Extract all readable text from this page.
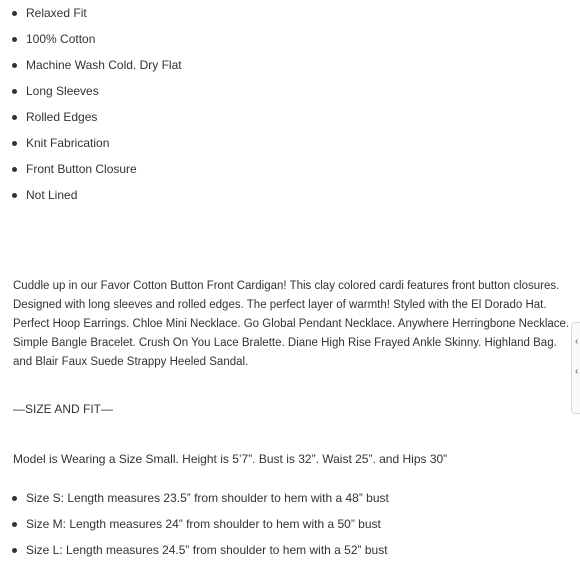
Relaxed Fit
100% Cotton
Machine Wash Cold. Dry Flat
Long Sleeves
Rolled Edges
Knit Fabrication
Front Button Closure
Not Lined

Cuddle up in our Favor Cotton Button Front Cardigan! This clay colored cardi features front button closures. Designed with long sleeves and rolled edges. The perfect layer of warmth! Styled with the El Dorado Hat. Perfect Hoop Earrings. Chloe Mini Necklace. Go Global Pendant Necklace. Anywhere Herringbone Necklace. Simple Bangle Bracelet. Crush On You Lace Bralette. Diane High Rise Frayed Ankle Skinny. Highland Bag. and Blair Faux Suede Strappy Heeled Sandal.

—SIZE AND FIT—

Model is Wearing a Size Small. Height is 5’7”. Bust is 32”. Waist 25”. and Hips 30”

Size S: Length measures 23.5” from shoulder to hem with a 48” bust
Size M: Length measures 24” from shoulder to hem with a 50” bust
Size L: Length measures 24.5” from shoulder to hem with a 52” bust
‹
‹
